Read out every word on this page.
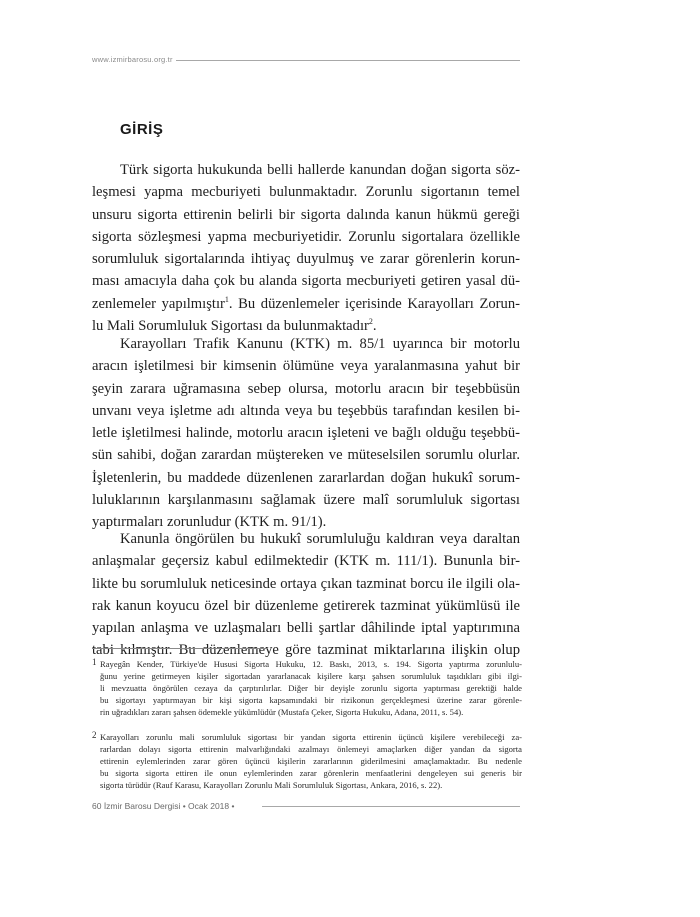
www.izmirbarosu.org.tr
GİRİŞ
Türk sigorta hukukunda belli hallerde kanundan doğan sigorta söz-
leşmesi yapma mecburiyeti bulunmaktadır. Zorunlu sigortanın temel
unsuru sigorta ettirenin belirli bir sigorta dalında kanun hükmü gereği
sigorta sözleşmesi yapma mecburiyetidir. Zorunlu sigortalara özellikle
sorumluluk sigortalarında ihtiyaç duyulmuş ve zarar görenlerin korun-
ması amacıyla daha çok bu alanda sigorta mecburiyeti getiren yasal dü-
zenlemeler yapılmıştır$^1$. Bu düzenlemeler içerisinde Karayolları Zorun-
lu Mali Sorumluluk Sigortası da bulunmaktadır$^2$.
Karayolları Trafik Kanunu (KTK) m. 85/1 uyarınca bir motorlu
aracın işletilmesi bir kimsenin ölümüne veya yaralanmasına yahut bir
şeyin zarara uğramasına sebep olursa, motorlu aracın bir teşebbüsün
unvanı veya işletme adı altında veya bu teşebbüs tarafından kesilen bi-
letle işletilmesi halinde, motorlu aracın işleteni ve bağlı olduğu teşebbü-
sün sahibi, doğan zarardan müştereken ve müteselsilen sorumlu olurlar.
İşletenlerin, bu maddede düzenlenen zararlardan doğan hukukî sorum-
luluklarının karşılanmasını sağlamak üzere malî sorumluluk sigortası
yaptırmaları zorunludur (KTK m. 91/1).
Kanunla öngörülen bu hukukî sorumluluğu kaldıran veya daraltan
anlaşmalar geçersiz kabul edilmektedir (KTK m. 111/1). Bununla bir-
likte bu sorumluluk neticesinde ortaya çıkan tazminat borcu ile ilgili ola-
rak kanun koyucu özel bir düzenleme getirerek tazminat yükümlüsü ile
yapılan anlaşma ve uzlaşmaları belli şartlar dâhilinde iptal yaptırımına
tabi kılmıştır. Bu düzenlemeye göre tazminat miktarlarına ilişkin olup
1 Rayegân Kender, Türkiye'de Hususi Sigorta Hukuku, 12. Baskı, 2013, s. 194. Sigorta yaptırma zorunlulu-
ğunu yerine getirmeyen kişiler sigortadan yararlanacak kişilere karşı şahsen sorumluluk taşıdıkları gibi ilgi-
li mevzuatta öngörülen cezaya da çarptırılırlar. Diğer bir deyişle zorunlu sigorta yaptırması gerektiği halde
bu sigortayı yaptırmayan bir kişi sigorta kapsamındaki bir rizikonun gerçekleşmesi üzerine zarar görenle-
rin uğradıkları zararı şahsen ödemekle yükümlüdür (Mustafa Çeker, Sigorta Hukuku, Adana, 2011, s. 54).
2 Karayolları zorunlu mali sorumluluk sigortası bir yandan sigorta ettirenin üçüncü kişilere verebileceği za-
rarlardan dolayı sigorta ettirenin malvarlığındaki azalmayı önlemeyi amaçlarken diğer yandan da sigorta
ettirenin eylemlerinden zarar gören üçüncü kişilerin zararlarının giderilmesini amaçlamaktadır. Bu nedenle
bu sigorta sigorta ettiren ile onun eylemlerinden zarar görenlerin menfaatlerini dengeleyen sui generis bir
sigorta türüdür (Rauf Karasu, Karayolları Zorunlu Mali Sorumluluk Sigortası, Ankara, 2016, s. 22).
60 İzmir Barosu Dergisi • Ocak 2018 •
